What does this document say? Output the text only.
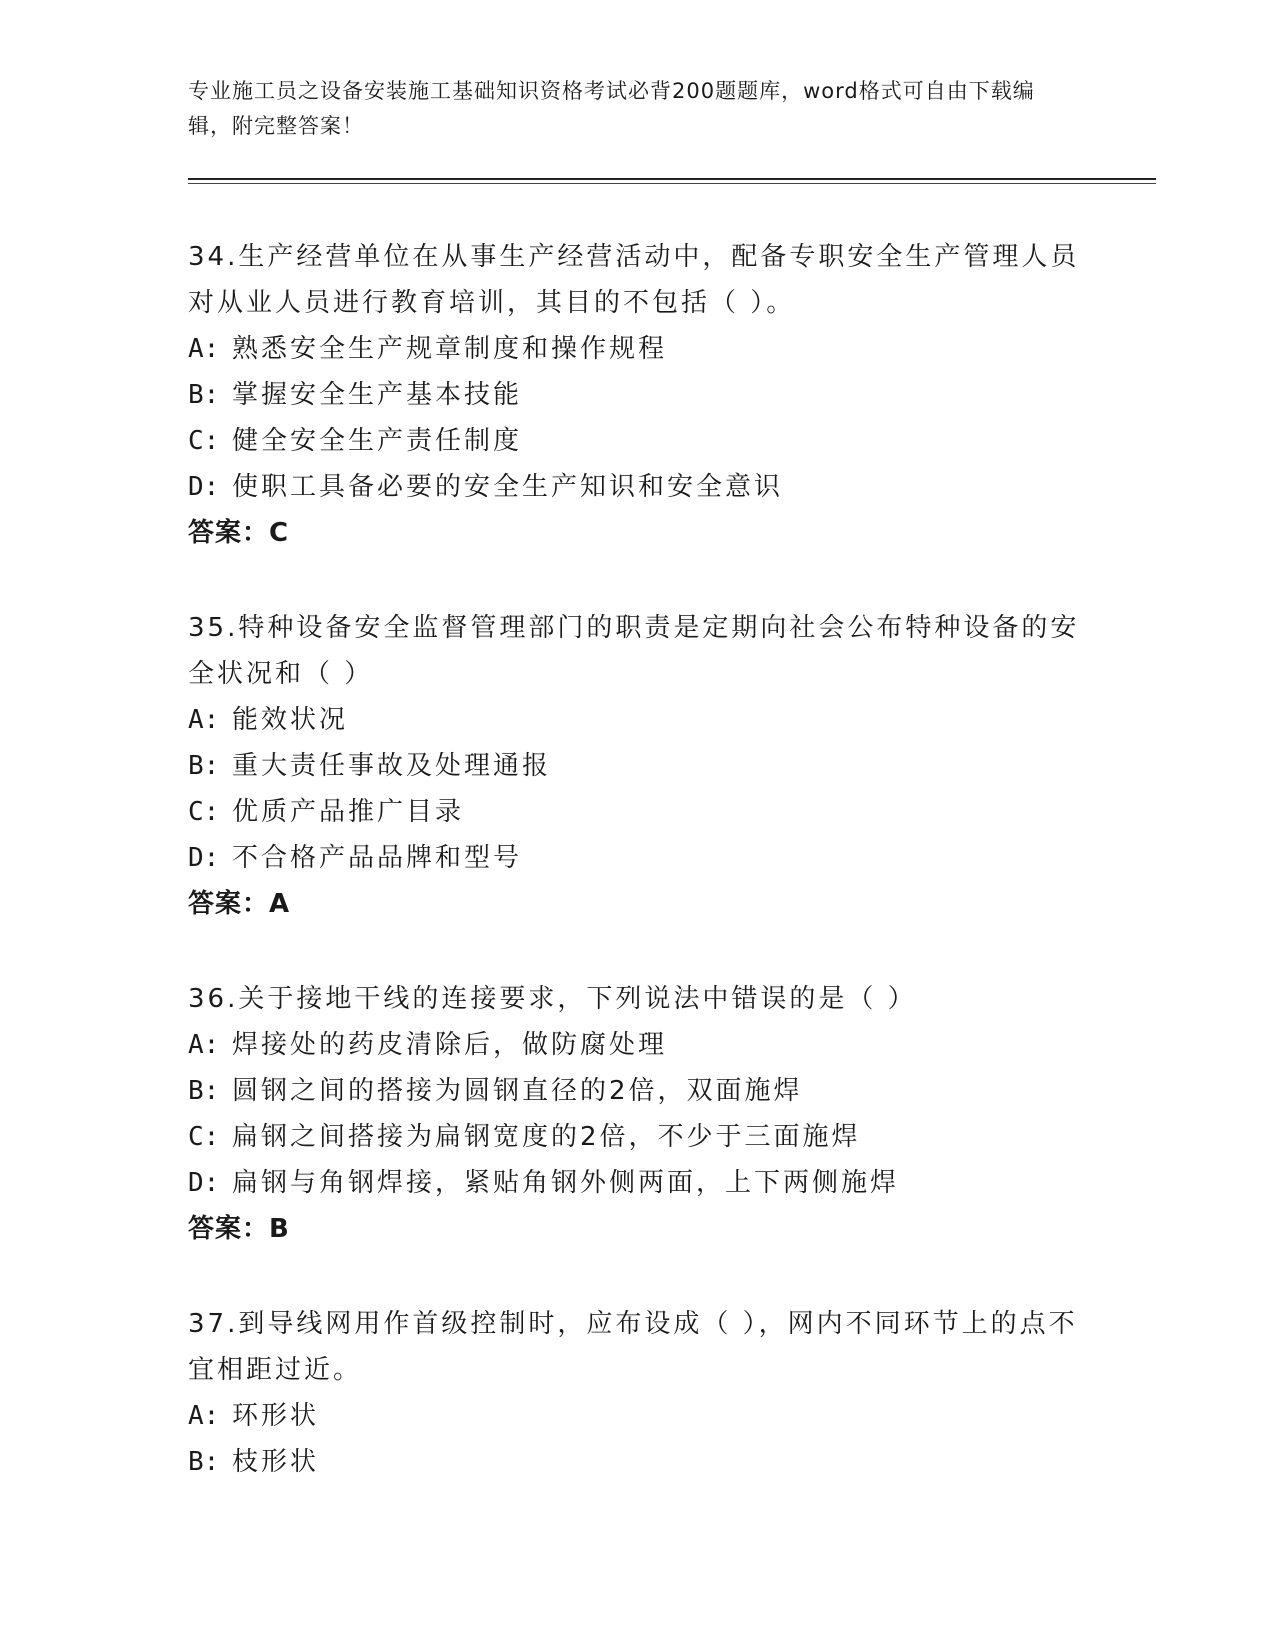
专业施工员之设备安装施工基础知识资格考试必背200题题库，word格式可自由下载编辑，附完整答案！

34.生产经营单位在从事生产经营活动中，配备专职安全生产管理人员对从业人员进行教育培训，其目的不包括（ ）。

A: 熟悉安全生产规章制度和操作规程
B: 掌握安全生产基本技能
C: 健全安全生产责任制度
D: 使职工具备必要的安全生产知识和安全意识
答案：C

35.特种设备安全监督管理部门的职责是定期向社会公布特种设备的安全状况和（ ）

A: 能效状况
B: 重大责任事故及处理通报
C: 优质产品推广目录
D: 不合格产品品牌和型号
答案：A

36.关于接地干线的连接要求，下列说法中错误的是（ ）

A: 焊接处的药皮清除后，做防腐处理
B: 圆钢之间的搭接为圆钢直径的2倍，双面施焊
C: 扁钢之间搭接为扁钢宽度的2倍，不少于三面施焊
D: 扁钢与角钢焊接，紧贴角钢外侧两面，上下两侧施焊
答案：B

37.到导线网用作首级控制时，应布设成（ ），网内不同环节上的点不宜相距过近。

A: 环形状
B: 枝形状
